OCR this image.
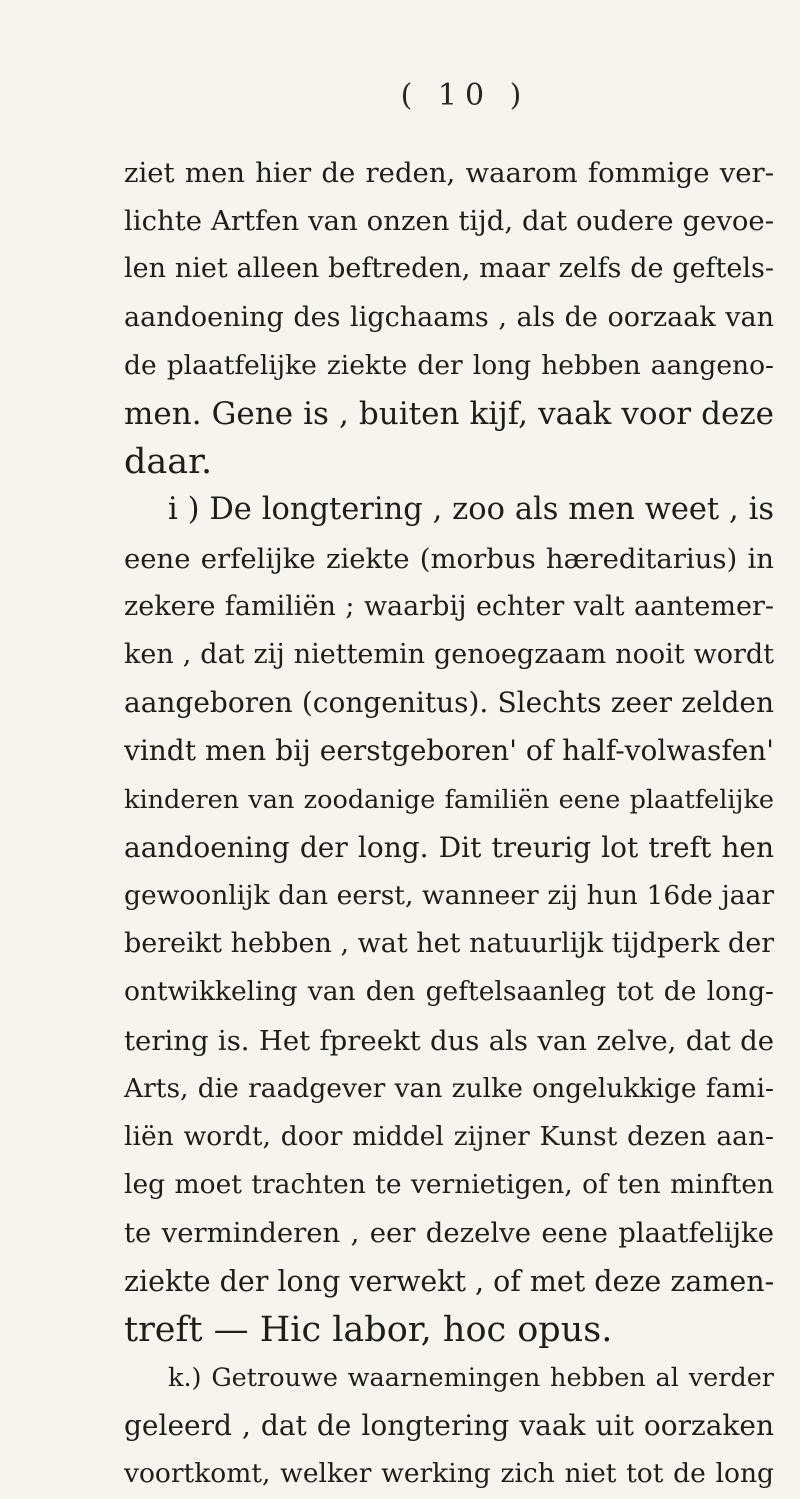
( 10 )
ziet men hier de reden, waarom fommige ver-
lichte Artfen van onzen tijd, dat oudere gevoe-
len niet alleen beftreden, maar zelfs de geftels-
aandoening des ligchaams , als de oorzaak van
de plaatfelijke ziekte der long hebben aangeno-
men. Gene is , buiten kijf, vaak voor deze
daar.
i ) De longtering , zoo als men weet , is
eene erfelijke ziekte (morbus hæreditarius) in
zekere familiën ; waarbij echter valt aantemer-
ken , dat zij niettemin genoegzaam nooit wordt
aangeboren (congenitus). Slechts zeer zelden
vindt men bij eerstgeboren' of half-volwasfen'
kinderen van zoodanige familiën eene plaatfelijke
aandoening der long. Dit treurig lot treft hen
gewoonlijk dan eerst, wanneer zij hun 16de jaar
bereikt hebben , wat het natuurlijk tijdperk der
ontwikkeling van den geftelsaanleg tot de long-
tering is. Het fpreekt dus als van zelve, dat de
Arts, die raadgever van zulke ongelukkige fami-
liën wordt, door middel zijner Kunst dezen aan-
leg moet trachten te vernietigen, of ten minften
te verminderen , eer dezelve eene plaatfelijke
ziekte der long verwekt , of met deze zamen-
treft — Hic labor, hoc opus.
k.) Getrouwe waarnemingen hebben al verder
geleerd , dat de longtering vaak uit oorzaken
voortkomt, welker werking zich niet tot de long
